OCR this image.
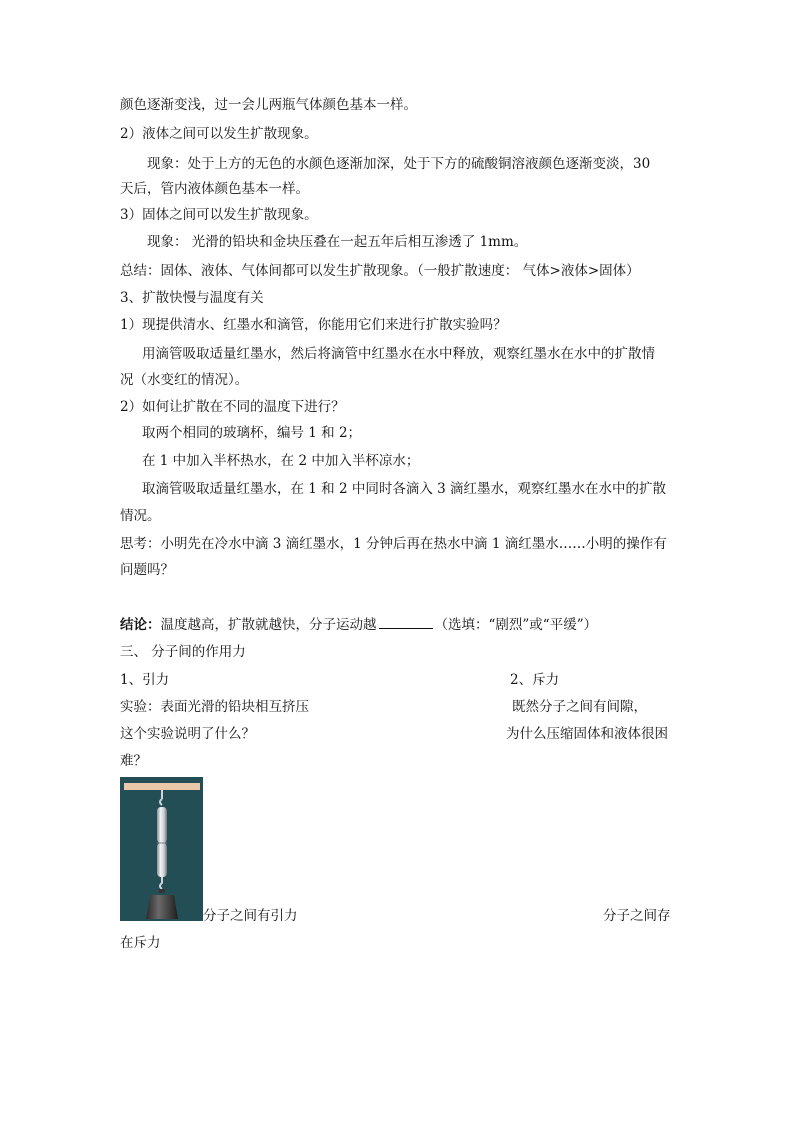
颜色逐渐变浅，过一会儿两瓶气体颜色基本一样。
2）液体之间可以发生扩散现象。
现象：处于上方的无色的水颜色逐渐加深，处于下方的硫酸铜溶液颜色逐渐变淡，30
天后，管内液体颜色基本一样。
3）固体之间可以发生扩散现象。
现象： 光滑的铅块和金块压叠在一起五年后相互渗透了 1mm。
总结：固体、液体、气体间都可以发生扩散现象。（一般扩散速度： 气体>液体>固体）
3、扩散快慢与温度有关
1）现提供清水、红墨水和滴管，你能用它们来进行扩散实验吗？
用滴管吸取适量红墨水，然后将滴管中红墨水在水中释放，观察红墨水在水中的扩散情
况（水变红的情况）。
2）如何让扩散在不同的温度下进行？
取两个相同的玻璃杯，编号 1 和 2；
在 1 中加入半杯热水，在 2 中加入半杯凉水；
取滴管吸取适量红墨水，在 1 和 2 中同时各滴入 3 滴红墨水，观察红墨水在水中的扩散
情况。
思考：小明先在冷水中滴 3 滴红墨水，1 分钟后再在热水中滴 1 滴红墨水……小明的操作有
问题吗？
结论：温度越高，扩散就越快，分子运动越	（选填：“剧烈”或“平缓”）
三、 分子间的作用力
1、引力	2、斥力
实验：表面光滑的铅块相互挤压	既然分子之间有间隙，
这个实验说明了什么？	为什么压缩固体和液体很困
难？
分子之间有引力	分子之间存
在斥力
